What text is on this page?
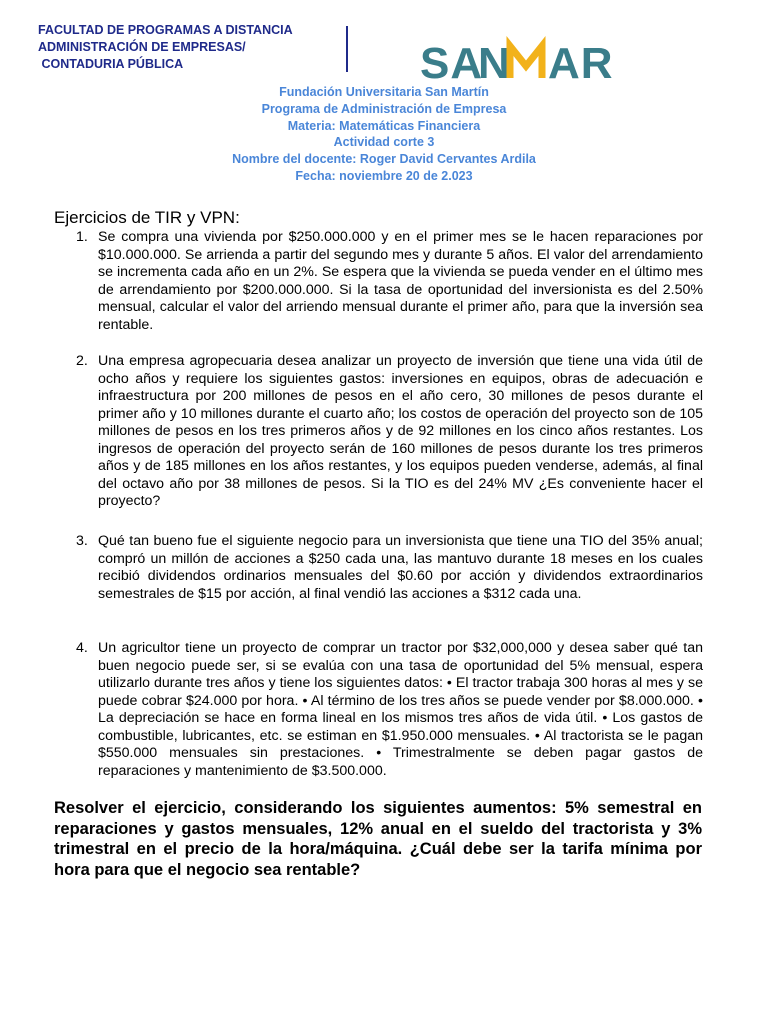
FACULTAD DE PROGRAMAS A DISTANCIA
ADMINISTRACIÓN DE EMPRESAS/
CONTADURIA PÚBLICA	SA
N AR
Fundación Universitaria San Martín
Programa de Administración de Empresa
Materia: Matemáticas Financiera
Actividad corte 3
Nombre del docente: Roger David Cervantes Ardila
Fecha: noviembre 20 de 2.023
Ejercicios de TIR y VPN:
1. Se compra una vivienda por $250.000.000 y en el primer mes se le hacen reparaciones por $10.000.000. Se arrienda a partir del segundo mes y durante 5 años. El valor del arrendamiento se incrementa cada año en un 2%. Se espera que la vivienda se pueda vender en el último mes de arrendamiento por $200.000.000. Si la tasa de oportunidad del inversionista es del 2.50% mensual, calcular el valor del arriendo mensual durante el primer año, para que la inversión sea rentable.
2. Una empresa agropecuaria desea analizar un proyecto de inversión que tiene una vida útil de ocho años y requiere los siguientes gastos: inversiones en equipos, obras de adecuación e infraestructura por 200 millones de pesos en el año cero, 30 millones de pesos durante el primer año y 10 millones durante el cuarto año; los costos de operación del proyecto son de 105 millones de pesos en los tres primeros años y de 92 millones en los cinco años restantes. Los ingresos de operación del proyecto serán de 160 millones de pesos durante los tres primeros años y de 185 millones en los años restantes, y los equipos pueden venderse, además, al final del octavo año por 38 millones de pesos. Si la TIO es del 24% MV ¿Es conveniente hacer el proyecto?
3. Qué tan bueno fue el siguiente negocio para un inversionista que tiene una TIO del 35% anual; compró un millón de acciones a $250 cada una, las mantuvo durante 18 meses en los cuales recibió dividendos ordinarios mensuales del $0.60 por acción y dividendos extraordinarios semestrales de $15 por acción, al final vendió las acciones a $312 cada una.
4. Un agricultor tiene un proyecto de comprar un tractor por $32,000,000 y desea saber qué tan buen negocio puede ser, si se evalúa con una tasa de oportunidad del 5% mensual, espera utilizarlo durante tres años y tiene los siguientes datos: • El tractor trabaja 300 horas al mes y se puede cobrar $24.000 por hora. • Al término de los tres años se puede vender por $8.000.000. • La depreciación se hace en forma lineal en los mismos tres años de vida útil. • Los gastos de combustible, lubricantes, etc. se estiman en $1.950.000 mensuales. • Al tractorista se le pagan $550.000 mensuales sin prestaciones. • Trimestralmente se deben pagar gastos de reparaciones y mantenimiento de $3.500.000.
Resolver el ejercicio, considerando los siguientes aumentos: 5% semestral en reparaciones y gastos mensuales, 12% anual en el sueldo del tractorista y 3% trimestral en el precio de la hora/máquina. ¿Cuál debe ser la tarifa mínima por hora para que el negocio sea rentable?
